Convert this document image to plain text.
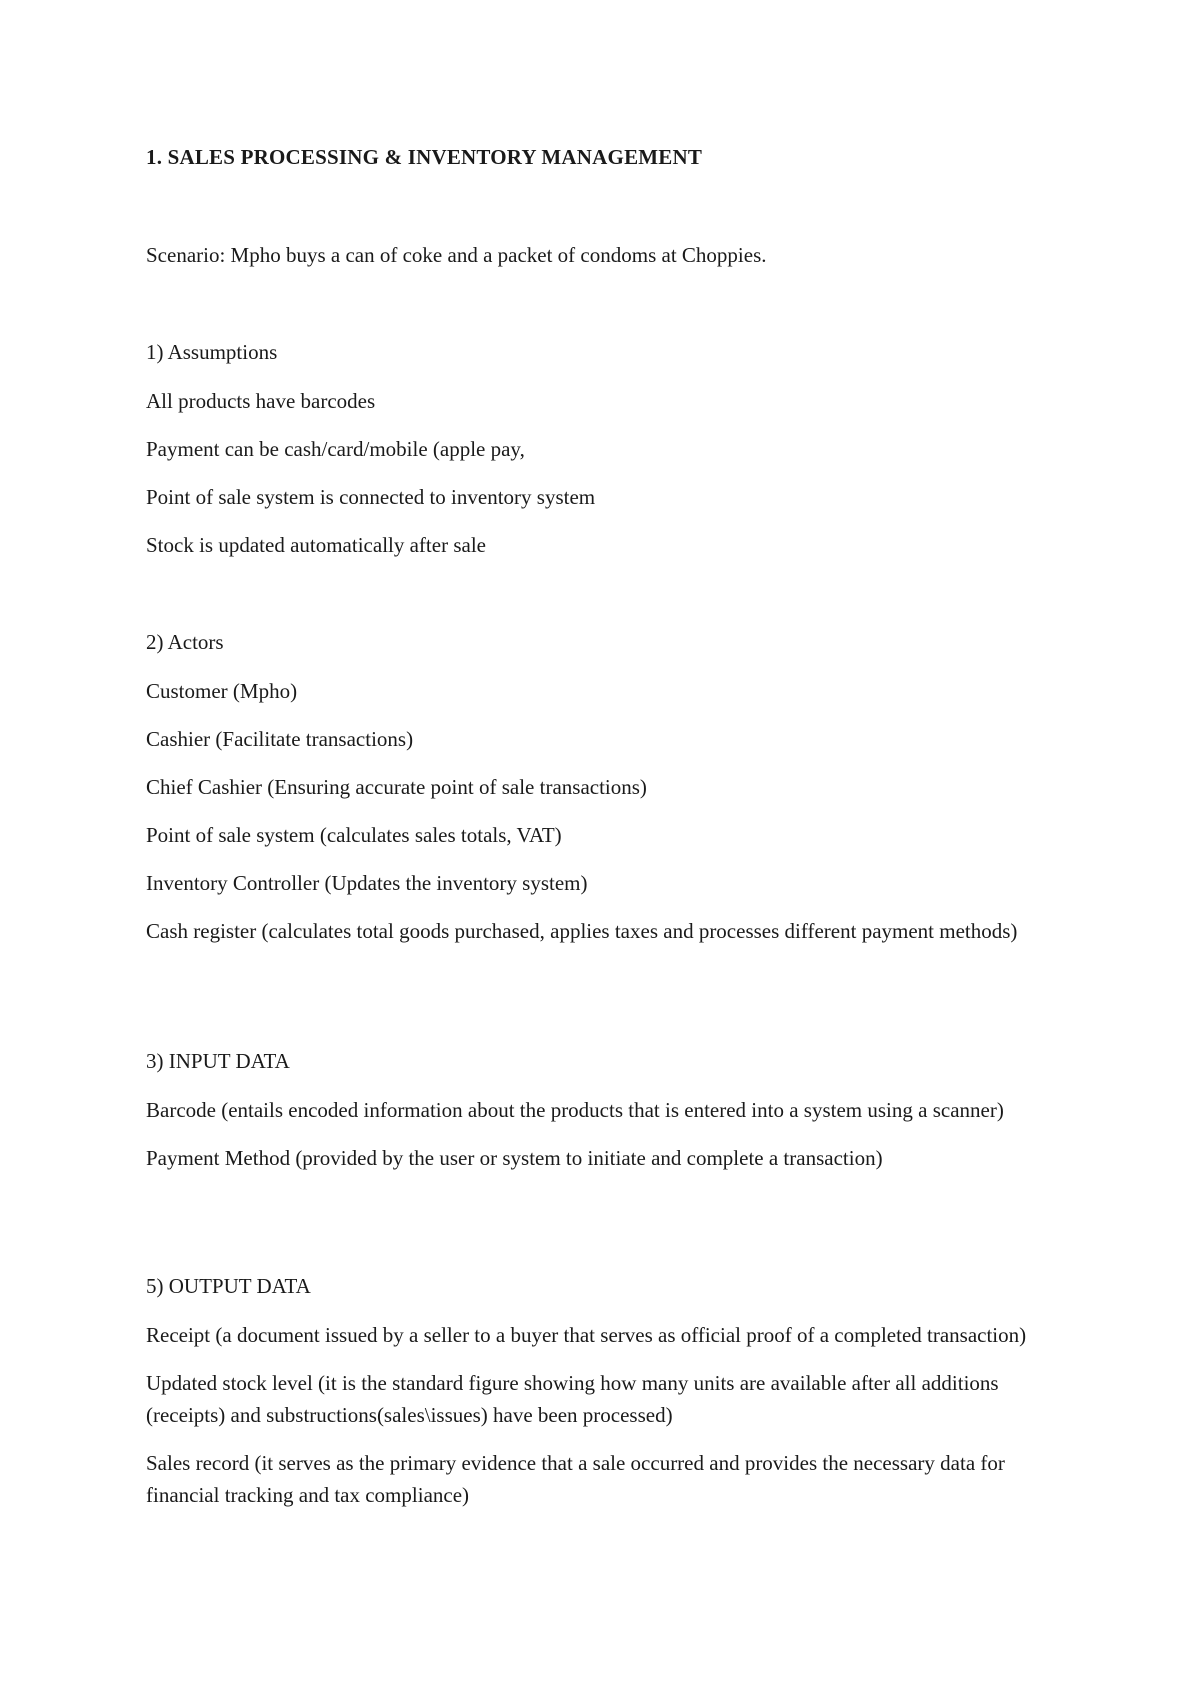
1. SALES PROCESSING & INVENTORY MANAGEMENT
Scenario: Mpho buys a can of coke and a packet of condoms at Choppies.
1) Assumptions
All products have barcodes
Payment can be cash/card/mobile (apple pay,
Point of sale system is connected to inventory system
Stock is updated automatically after sale
2) Actors
Customer (Mpho)
Cashier (Facilitate transactions)
Chief Cashier (Ensuring accurate point of sale transactions)
Point of sale system (calculates sales totals, VAT)
Inventory Controller (Updates the inventory system)
Cash register (calculates total goods purchased, applies taxes and processes different payment methods)
3) INPUT DATA
Barcode (entails encoded information about the products that is entered into a system using a scanner)
Payment Method (provided by the user or system to initiate and complete a transaction)
5) OUTPUT DATA
Receipt (a document issued by a seller to a buyer that serves as official proof of a completed transaction)
Updated stock level (it is the standard figure showing how many units are available after all additions (receipts) and substructions(sales\issues) have been processed)
Sales record (it serves as the primary evidence that a sale occurred and provides the necessary data for financial tracking and tax compliance)
